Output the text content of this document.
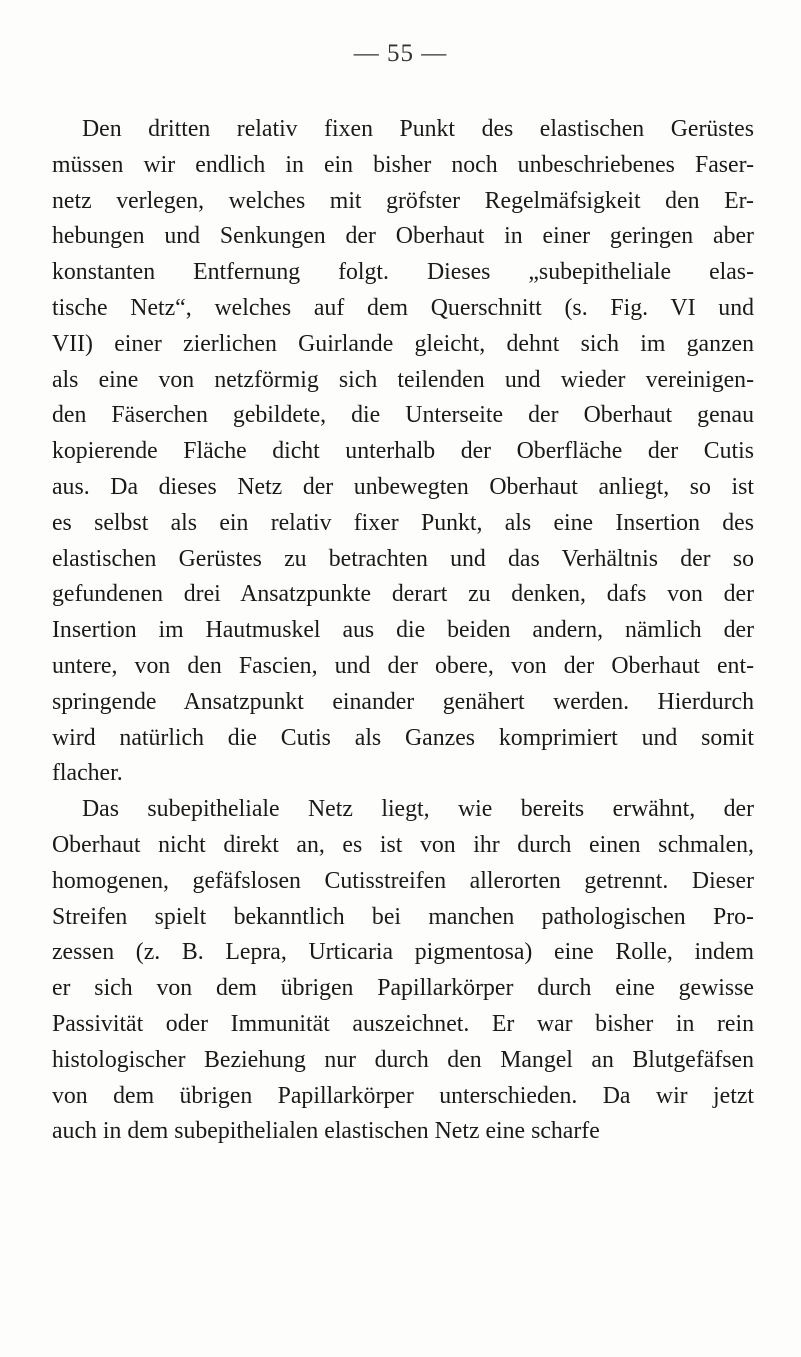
— 55 —
Den dritten relativ fixen Punkt des elastischen Gerüstes
müssen wir endlich in ein bisher noch unbeschriebenes Faser-
netz verlegen, welches mit gröfster Regelmäfsigkeit den Er-
hebungen und Senkungen der Oberhaut in einer geringen aber
konstanten Entfernung folgt. Dieses „subepitheliale elas-
tische Netz“, welches auf dem Querschnitt (s. Fig. VI und
VII) einer zierlichen Guirlande gleicht, dehnt sich im ganzen
als eine von netzförmig sich teilenden und wieder vereinigen-
den Fäserchen gebildete, die Unterseite der Oberhaut genau
kopierende Fläche dicht unterhalb der Oberfläche der Cutis
aus. Da dieses Netz der unbewegten Oberhaut anliegt, so ist
es selbst als ein relativ fixer Punkt, als eine Insertion des
elastischen Gerüstes zu betrachten und das Verhältnis der so
gefundenen drei Ansatzpunkte derart zu denken, dafs von der
Insertion im Hautmuskel aus die beiden andern, nämlich der
untere, von den Fascien, und der obere, von der Oberhaut ent-
springende Ansatzpunkt einander genähert werden. Hierdurch
wird natürlich die Cutis als Ganzes komprimiert und somit
flacher.
Das subepitheliale Netz liegt, wie bereits erwähnt, der
Oberhaut nicht direkt an, es ist von ihr durch einen schmalen,
homogenen, gefäfslosen Cutisstreifen allerorten getrennt. Dieser
Streifen spielt bekanntlich bei manchen pathologischen Pro-
zessen (z. B. Lepra, Urticaria pigmentosa) eine Rolle, indem
er sich von dem übrigen Papillarkörper durch eine gewisse
Passivität oder Immunität auszeichnet. Er war bisher in rein
histologischer Beziehung nur durch den Mangel an Blutgefäfsen
von dem übrigen Papillarkörper unterschieden. Da wir jetzt
auch in dem subepithelialen elastischen Netz eine scharfe
